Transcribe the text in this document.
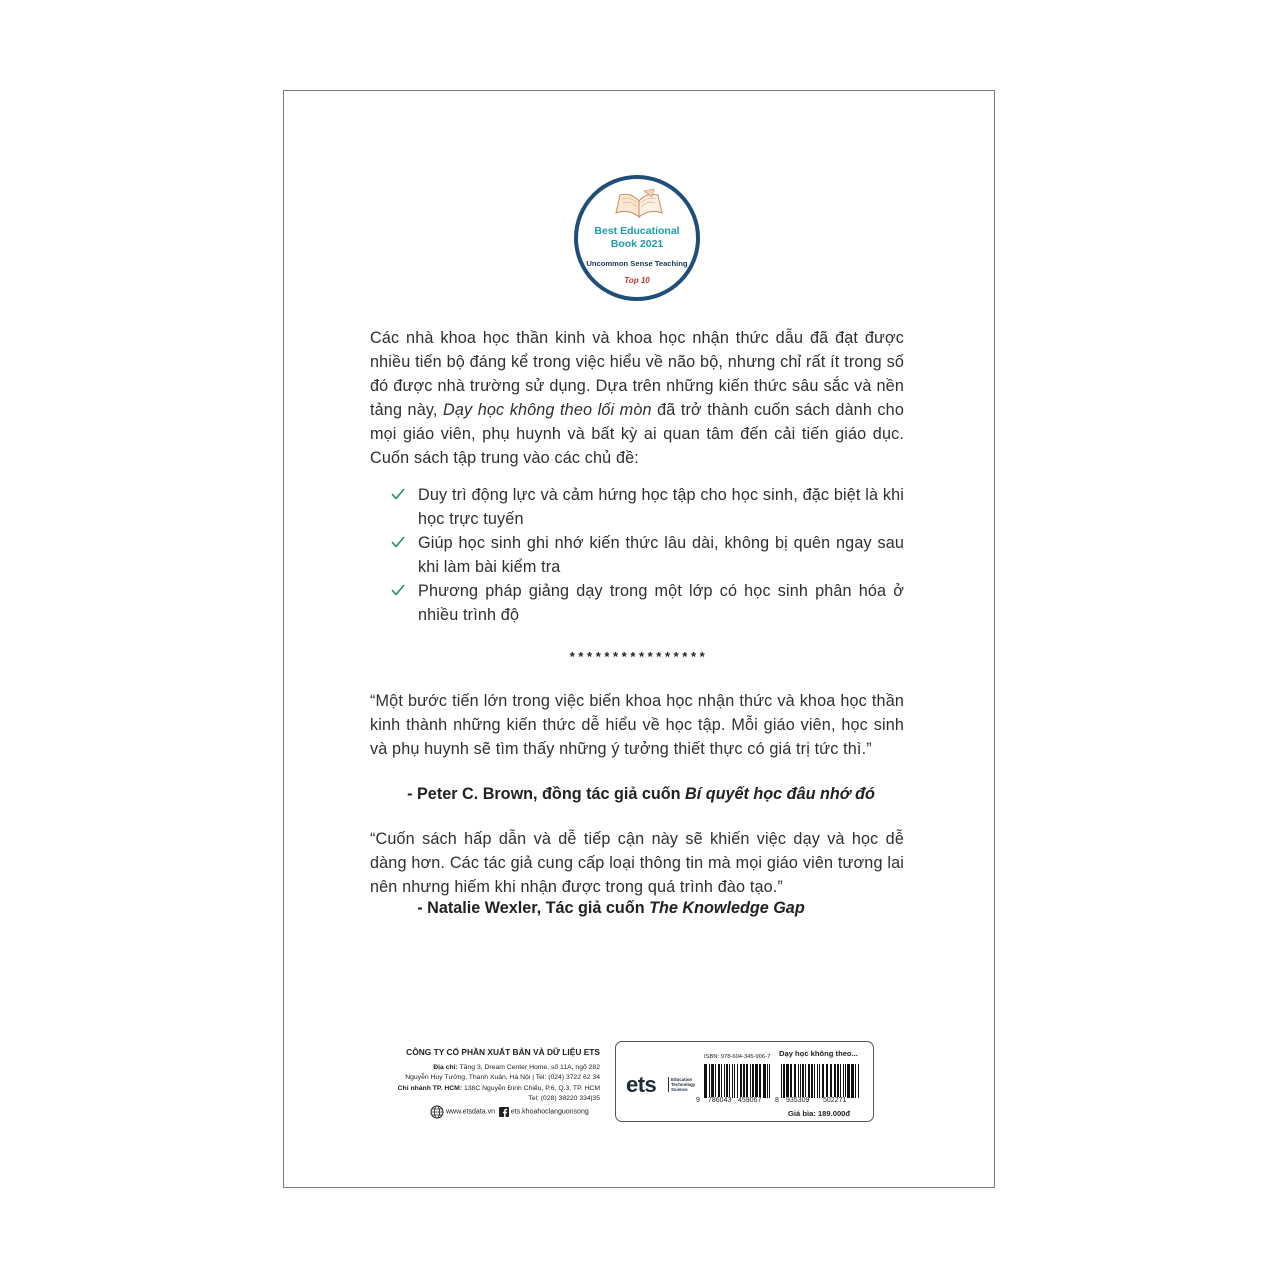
Best Educational
Book 2021
Uncommon Sense Teaching
Top 10
Các nhà khoa học thần kinh và khoa học nhận thức dẫu đã đạt được nhiều tiến bộ đáng kể trong việc hiểu về não bộ, nhưng chỉ rất ít trong số đó được nhà trường sử dụng. Dựa trên những kiến thức sâu sắc và nền tảng này, Dạy học không theo lối mòn đã trở thành cuốn sách dành cho mọi giáo viên, phụ huynh và bất kỳ ai quan tâm đến cải tiến giáo dục. Cuốn sách tập trung vào các chủ đề:
Duy trì động lực và cảm hứng học tập cho học sinh, đặc biệt là khi học trực tuyến
Giúp học sinh ghi nhớ kiến thức lâu dài, không bị quên ngay sau khi làm bài kiểm tra
Phương pháp giảng dạy trong một lớp có học sinh phân hóa ở nhiều trình độ
****************
“Một bước tiến lớn trong việc biến khoa học nhận thức và khoa học thần kinh thành những kiến thức dễ hiểu về học tập. Mỗi giáo viên, học sinh và phụ huynh sẽ tìm thấy những ý tưởng thiết thực có giá trị tức thì.”
- Peter C. Brown, đồng tác giả cuốn Bí quyết học đâu nhớ đó
“Cuốn sách hấp dẫn và dễ tiếp cận này sẽ khiến việc dạy và học dễ dàng hơn. Các tác giả cung cấp loại thông tin mà mọi giáo viên tương lai nên nhưng hiếm khi nhận được trong quá trình đào tạo.”
- Natalie Wexler, Tác giả cuốn The Knowledge Gap
CÔNG TY CỔ PHẦN XUẤT BẢN VÀ DỮ LIỆU ETS
Địa chỉ: Tầng 3, Dream Center Home, số 11A, ngõ 282
Nguyễn Huy Tưởng, Thanh Xuân, Hà Nội | Tel: (024) 3722 62 34
Chi nhánh TP. HCM: 138C Nguyễn Đình Chiểu, P.6, Q.3, TP. HCM
Tel: (028) 38220 334|35
www.etsdata.vn ets.khoahoclanguonsong
ets	Education
Technology
Science
ISBN: 978-604-345-906-7 Dạy học không theo...
9 786043 459067 8 935309 502271
Giá bìa: 189.000đ
